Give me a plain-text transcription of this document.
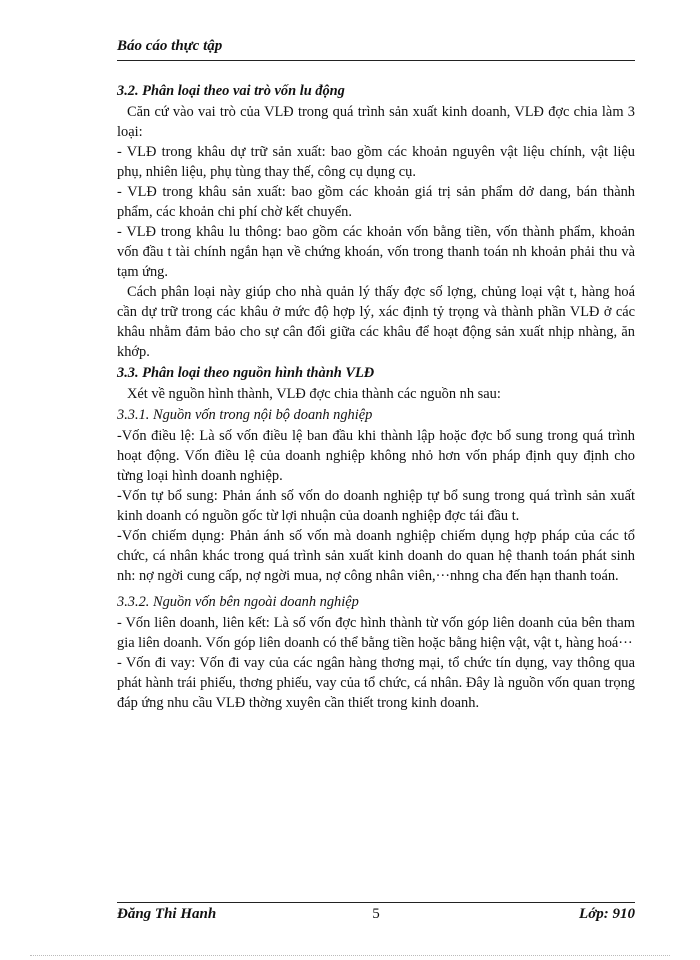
Báo cáo thực tập

3.2. Phân loại theo vai trò vốn lu động

Căn cứ vào vai trò của VLĐ trong quá trình sản xuất kinh doanh, VLĐ đợc chia làm 3 loại:

- VLĐ trong khâu dự trữ sản xuất: bao gồm các khoản nguyên vật liệu chính, vật liệu phụ, nhiên liệu, phụ tùng thay thế, công cụ dụng cụ.

- VLĐ trong khâu sản xuất: bao gồm các khoản giá trị sản phẩm dở dang, bán thành phẩm, các khoản chi phí chờ kết chuyển.

- VLĐ trong khâu lu thông: bao gồm các khoản vốn bằng tiền, vốn thành phẩm, khoản vốn đầu t tài chính ngắn hạn về chứng khoán, vốn trong thanh toán nh khoản phải thu và tạm ứng.

Cách phân loại này giúp cho nhà quản lý thấy đợc số lợng, chủng loại vật t, hàng hoá cần dự trữ trong các khâu ở mức độ hợp lý, xác định tỷ trọng và thành phần VLĐ ở các khâu nhằm đảm bảo cho sự cân đối giữa các khâu để hoạt động sản xuất nhịp nhàng, ăn khớp.

3.3. Phân loại theo nguồn hình thành VLĐ

Xét về nguồn hình thành, VLĐ đợc chia thành các nguồn nh sau:

3.3.1. Nguồn vốn trong nội bộ doanh nghiệp

-Vốn điều lệ: Là số vốn điều lệ ban đầu khi thành lập hoặc đợc bổ sung trong quá trình hoạt động. Vốn điều lệ của doanh nghiệp không nhỏ hơn vốn pháp định quy định cho từng loại hình doanh nghiệp.

-Vốn tự bổ sung: Phản ánh số vốn do doanh nghiệp tự bổ sung trong quá trình sản xuất kinh doanh có nguồn gốc từ lợi nhuận của doanh nghiệp đợc tái đầu t.

-Vốn chiếm dụng: Phản ánh số vốn mà doanh nghiệp chiếm dụng hợp pháp của các tổ chức, cá nhân khác trong quá trình sản xuất kinh doanh do quan hệ thanh toán phát sinh nh: nợ ngời cung cấp, nợ ngời mua, nợ công nhân viên,···nhng cha đến hạn thanh toán.

3.3.2. Nguồn vốn bên ngoài doanh nghiệp

- Vốn liên doanh, liên kết: Là số vốn đợc hình thành từ vốn góp liên doanh của bên tham gia liên doanh. Vốn góp liên doanh có thể bằng tiền hoặc bằng hiện vật, vật t, hàng hoá···

- Vốn đi vay: Vốn đi vay của các ngân hàng thơng mại, tổ chức tín dụng, vay thông qua phát hành trái phiếu, thơng phiếu, vay của tổ chức, cá nhân. Đây là nguồn vốn quan trọng đáp ứng nhu cầu VLĐ thờng xuyên cần thiết trong kinh doanh.

Đăng Thi Hanh	5	Lớp: 910
